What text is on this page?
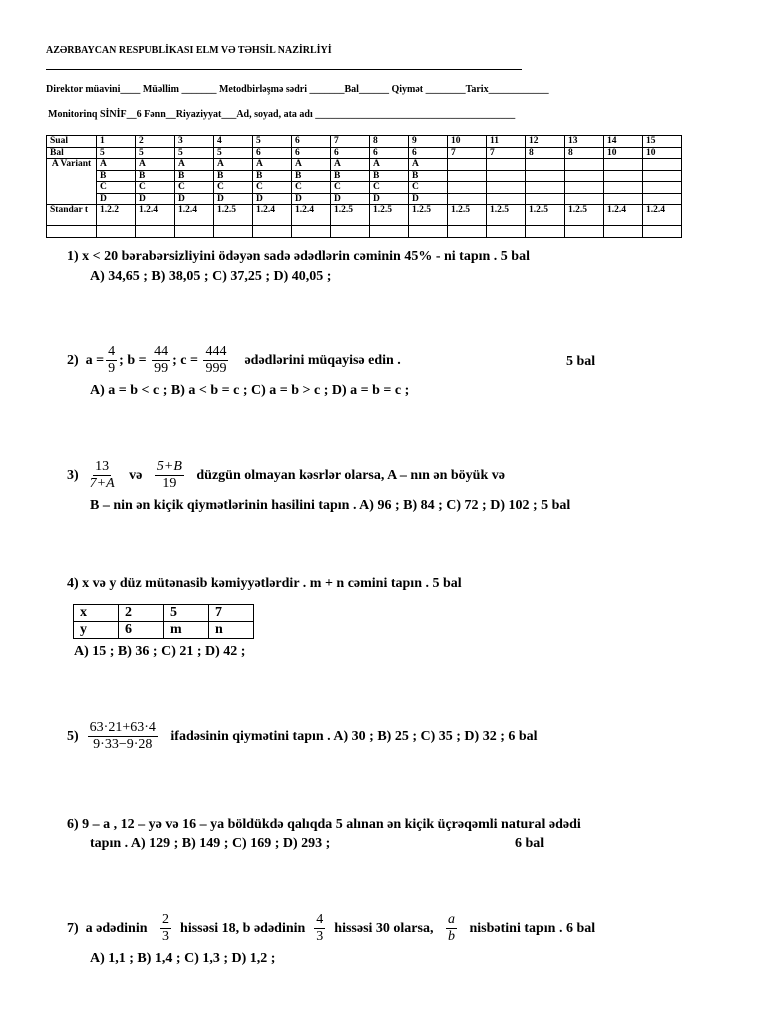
AZƏRBAYCAN RESPUBLİKASI ELM VƏ TƏHSİL NAZİRLİYİ
Direktor müavini____ Müəllim _______ Metodbirləşmə sədri _______Bal______ Qiymət ________Tarix____________
Monitorinq SİNİF__6 Fənn__Riyaziyyat___Ad, soyad, ata adı ________________________________________
Sual	1	2	3	4	5	6	7	8	9	10	11	12	13	14	15
Bal	5	5	5	5	6	6	6	6	6	7	7	8	8	10	10
A Variant	A	A	A	A	A	A	A	A	A						
	B	B	B	B	B	B	B	B	B						
	C	C	C	C	C	C	C	C	C						
	D	D	D	D	D	D	D	D	D						
Standar t	1.2.2	1.2.4	1.2.4	1.2.5	1.2.4	1.2.4	1.2.5	1.2.5	1.2.5	1.2.5	1.2.5	1.2.5	1.2.5	1.2.4	1.2.4

1) x < 20 bərabərsizliyini ödəyən sadə ədədlərin cəminin 45% - ni tapın . 5 bal
A) 34,65 ; B) 38,05 ; C) 37,25 ; D) 40,05 ;
2)
$a = \frac{4}{9}$ ; b =
$\frac{44}{99}$ ; c =
$\frac{444}{999}$
ədədlərini müqayisə edin .	5 bal
A) a = b < c ; B) a < b = c ; C) a = b > c ; D) a = b = c ;
3)
$\frac{13}{7+A}$
və
$\frac{5+B}{19}$
düzgün olmayan kəsrlər olarsa, A – nın ən böyük və
B – nin ən kiçik qiymətlərinin hasilini tapın . A) 96 ; B) 84 ; C) 72 ; D) 102 ; 5 bal
4) x və y düz mütənasib kəmiyyətlərdir . m + n cəmini tapın . 5 bal
x	2	5	7
y	6	m	n
A) 15 ; B) 36 ; C) 21 ; D) 42 ;
5)
$\frac{63\cdot 21+63\cdot 4}{9\cdot 33-9\cdot 28}$
ifadəsinin qiymətini tapın . A) 30 ; B) 25 ; C) 35 ; D) 32 ; 6 bal
6) 9 – a , 12 – yə və 16 – ya böldükdə qalıqda 5 alınan ən kiçik üçrəqəmli natural ədədi
tapın . A) 129 ; B) 149 ; C) 169 ; D) 293 ;	6 bal
7)
a ədədinin
$\frac{2}{3}$
hissəsi 18, b ədədinin
$\frac{4}{3}$
hissəsi 30 olarsa,
$\frac{a}{b}$
nisbətini tapın . 6 bal
A) 1,1 ; B) 1,4 ; C) 1,3 ; D) 1,2 ;
